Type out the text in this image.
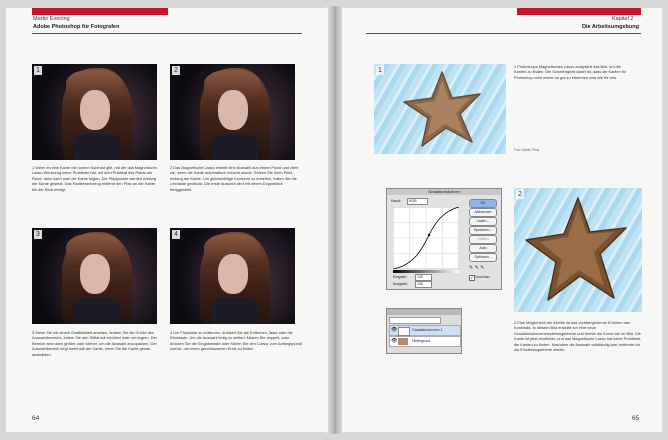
Martin Evening
Adobe Photoshop für Fotografen
1
1 Wenn es eine Kante mit hohem Kontrast gibt, mit der das Magnetische-Lasso-Werkzeug keine Probleme hat, mit dem Prädikat des Pfads am Rand, dann kann man die Kante folgen. Die Pfadpunkte werden entlang der Kante gesetzt. Das Radierwerkzeug entfernt den Pfad an der Kante, bis der Klick erfolgt.
2
2 Das Magnetische Lasso erstellt eine Auswahl aus einem Punkt und zieht sie, wenn die Kante automatisch erkannt wurde. Setzen Sie Ihren Pfad entlang der Kante. Um gleichmäßige Konturen zu erstellen, halten Sie die Leertaste gedrückt. Die erste Auswahl wird mit einem Doppelklick fertiggestellt.
3
3 Wenn Sie mit einem Grafiktablett arbeiten, ändern Sie die Größe des Auswahlbereichs, indem Sie den Stiftdruck erhöhen oder verringern. Der Bereich wird dann größer oder kleiner, um die Auswahl anzupassen. Der Auswahlbereich liegt innerhalb der Kante, wenn Sie die Kante genau auswählen.
4
4 Um Fixpunkte zu entfernen, drücken Sie die Entfernen-Taste oder die Rücktaste. Um die Auswahl fertig zu stellen, klicken Sie doppelt, oder drücken Sie die Eingabetaste oder führen Sie den Cursor zum Anfangspunkt zurück, um einen geschlossenen Kreis zu bilden.
64
Kapitel 2
Die Arbeitsumgebung
1
1 Photoshops Magnetisches Lasso analysiert das Bild, um die Kanten zu finden. Die Schwierigkeit dabei ist, dass die Kanten für Photoshop nicht immer so gut zu erkennen sind wie für uns.
Foto: Martin Prinz
Gradationskurven
Kanal:	RGB
Eingabe:	130
Ausgabe:	130
OK
Abbrechen
Laden...
Speichern...
Glätten
Auto
Optionen...
✎ ✎ ✎
✓ Vorschau
👁	Gradationskurven 1
👁	Hintergrund
2
2 Eine Möglichkeit der Abhilfe ist das vorübergehende Erhöhen des Kontrasts. In diesem Bild erstellte ich eine neue Gradationskurveneinstellungsebene und formte die Kurve wie im Bild. Die Kante ist jetzt deutlicher, und das Magnetische Lasso hat keine Probleme, die Kanten zu finden. Nachdem die Auswahl vollständig war, entfernte ich die Einstellungsebene wieder.
65
